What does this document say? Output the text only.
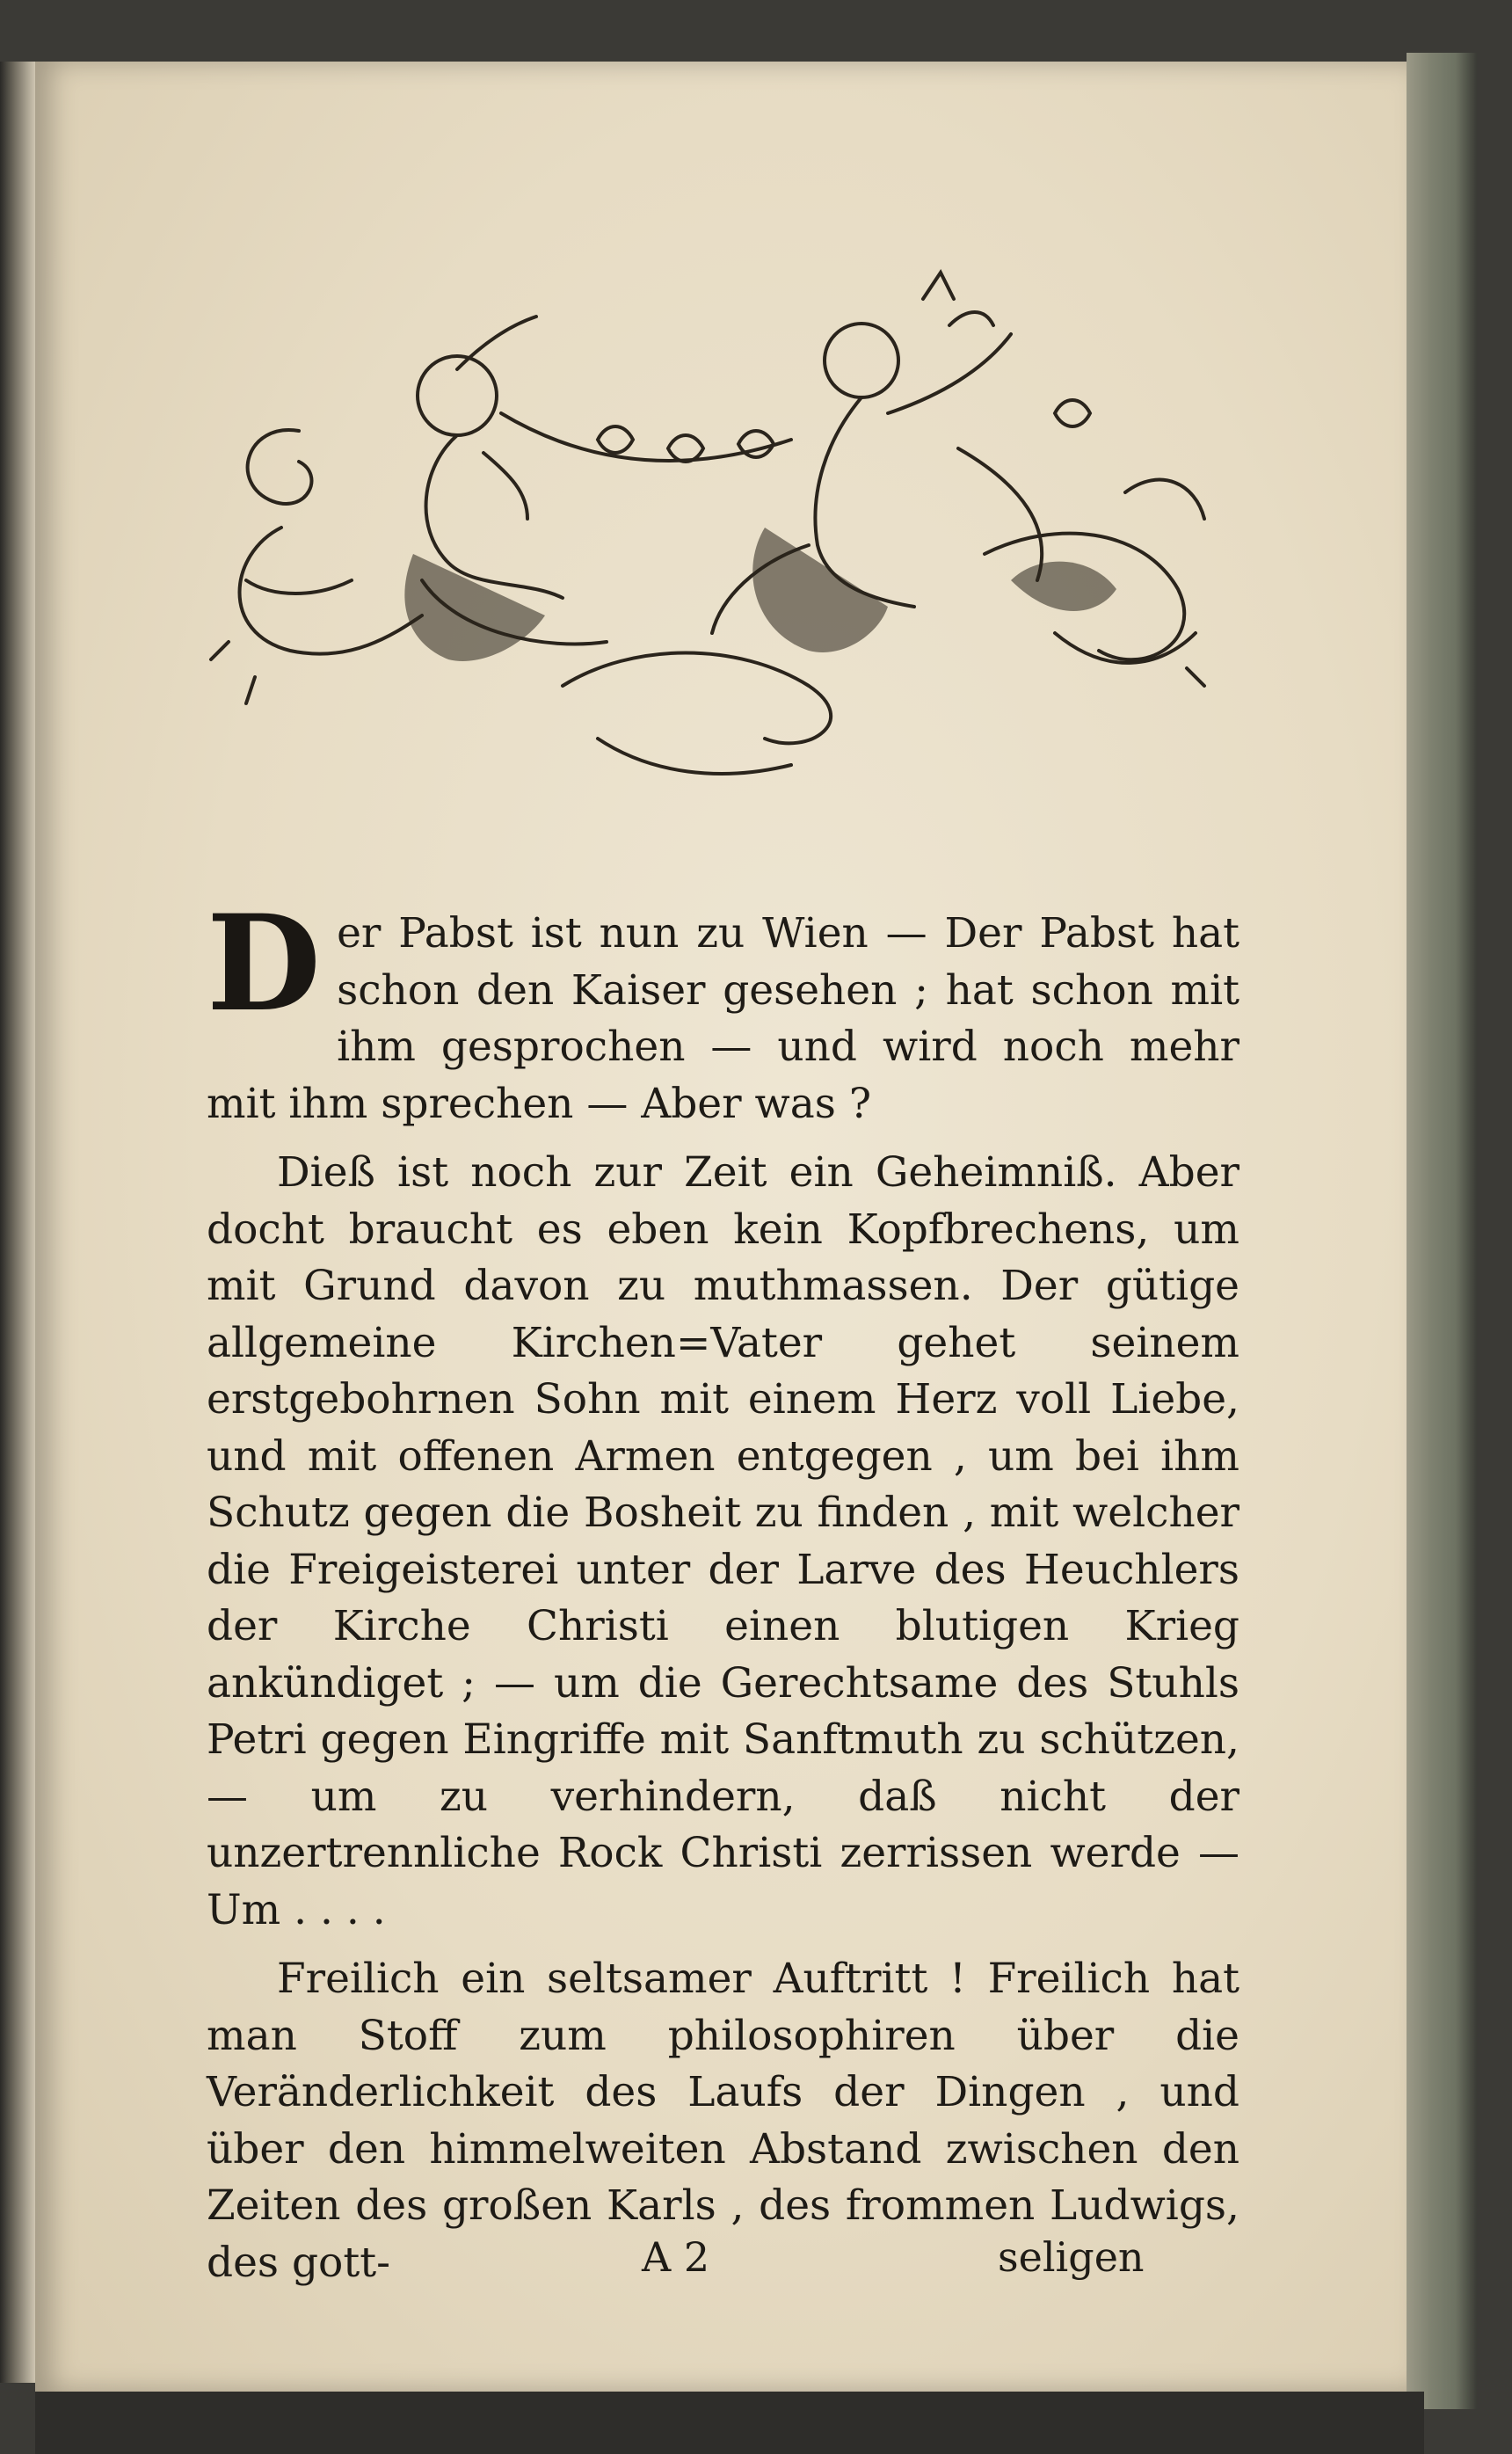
Der Pabst ist nun zu Wien — Der Pabst hat schon den Kaiser gesehen ; hat schon mit ihm gesprochen — und wird noch mehr mit ihm sprechen — Aber was ?

Dieß ist noch zur Zeit ein Geheimniß. Aber docht braucht es eben kein Kopfbrechens, um mit Grund davon zu muthmassen. Der gütige allgemeine Kirchen=Vater gehet seinem erstgebohrnen Sohn mit einem Herz voll Liebe, und mit offenen Armen entgegen , um bei ihm Schutz gegen die Bosheit zu finden , mit welcher die Freigeisterei unter der Larve des Heuchlers der Kirche Christi einen blutigen Krieg ankündiget ; — um die Gerechtsame des Stuhls Petri gegen Eingriffe mit Sanftmuth zu schützen, — um zu verhindern, daß nicht der unzertrennliche Rock Christi zerrissen werde — Um . . . .

Freilich ein seltsamer Auftritt ! Freilich hat man Stoff zum philosophiren über die Veränderlichkeit des Laufs der Dingen , und über den himmelweiten Abstand zwischen den Zeiten des großen Karls , des frommen Ludwigs, des gott-	A 2	seligen
